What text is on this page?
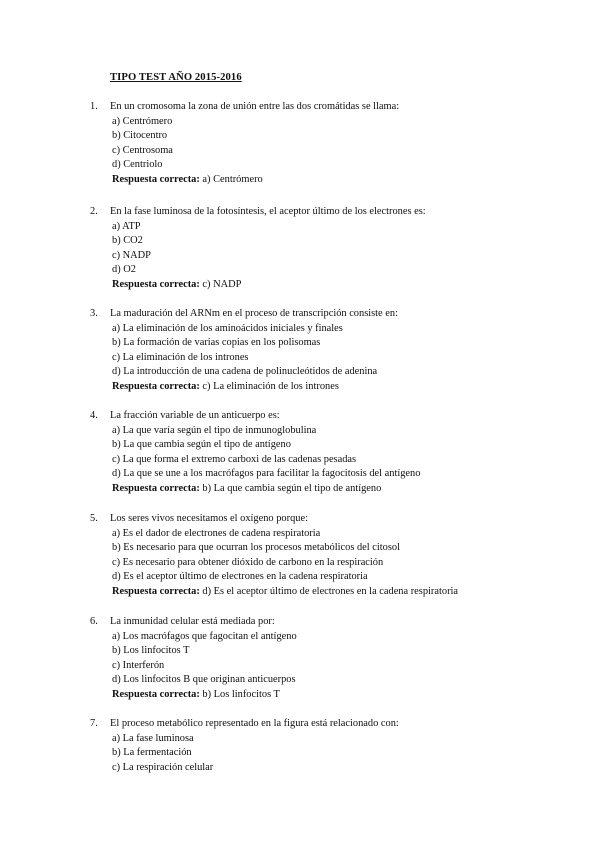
TIPO TEST AÑO 2015-2016
1. En un cromosoma la zona de unión entre las dos cromátidas se llama:
a) Centrómero
b) Citocentro
c) Centrosoma
d) Centriolo
Respuesta correcta: a) Centrómero
2. En la fase luminosa de la fotosíntesis, el aceptor último de los electrones es:
a) ATP
b) CO2
c) NADP
d) O2
Respuesta correcta: c) NADP
3. La maduración del ARNm en el proceso de transcripción consiste en:
a) La eliminación de los aminoácidos iniciales y finales
b) La formación de varias copias en los polisomas
c) La eliminación de los intrones
d) La introducción de una cadena de polinucleótidos de adenina
Respuesta correcta: c) La eliminación de los intrones
4. La fracción variable de un anticuerpo es:
a) La que varía según el tipo de inmunoglobulina
b) La que cambia según el tipo de antígeno
c) La que forma el extremo carboxi de las cadenas pesadas
d) La que se une a los macrófagos para facilitar la fagocitosis del antígeno
Respuesta correcta: b) La que cambia según el tipo de antígeno
5. Los seres vivos necesitamos el oxígeno porque:
a) Es el dador de electrones de cadena respiratoria
b) Es necesario para que ocurran los procesos metabólicos del citosol
c) Es necesario para obtener dióxido de carbono en la respiración
d) Es el aceptor último de electrones en la cadena respiratoria
Respuesta correcta: d) Es el aceptor último de electrones en la cadena respiratoria
6. La inmunidad celular está mediada por:
a) Los macrófagos que fagocitan el antígeno
b) Los linfocitos T
c) Interferón
d) Los linfocitos B que originan anticuerpos
Respuesta correcta: b) Los linfocitos T
7. El proceso metabólico representado en la figura está relacionado con:
a) La fase luminosa
b) La fermentación
c) La respiración celular
